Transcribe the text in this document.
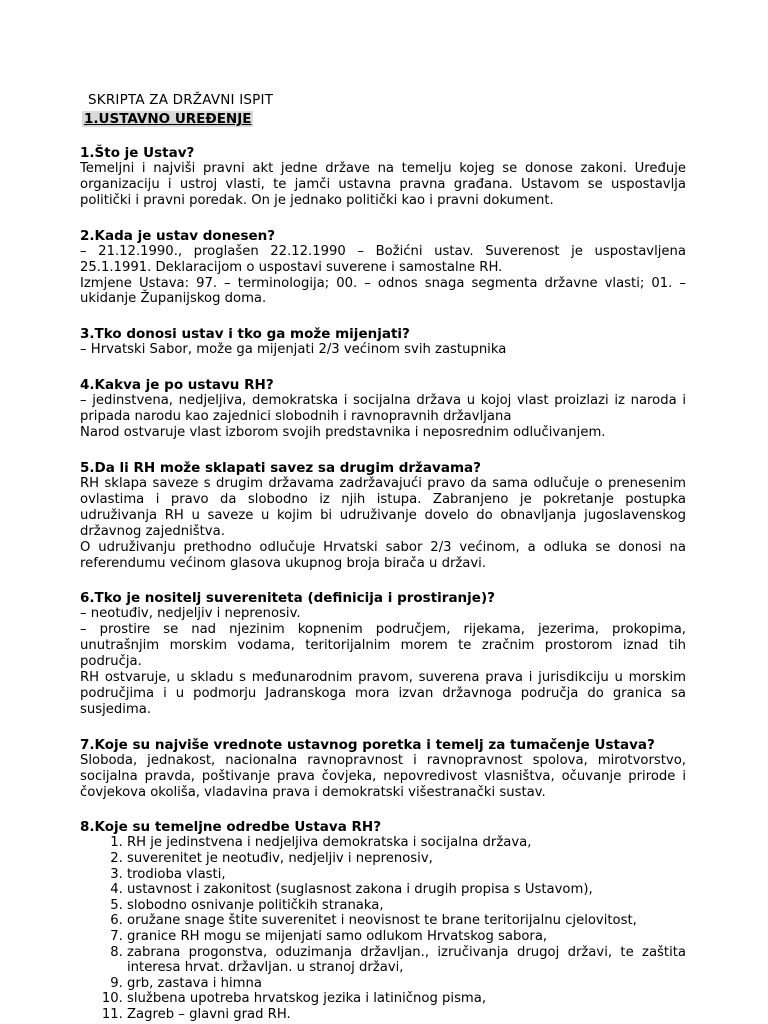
SKRIPTA ZA DRŽAVNI ISPIT
1.USTAVNO UREĐENJE
1.Što je Ustav?
Temeljni i najviši pravni akt jedne države na temelju kojeg se donose zakoni. Uređuje organizaciju i ustroj vlasti, te jamči ustavna pravna građana. Ustavom se uspostavlja politički i pravni poredak. On je jednako politički kao i pravni dokument.
2.Kada je ustav donesen?
– 21.12.1990., proglašen 22.12.1990 – Božićni ustav. Suverenost je uspostavljena 25.1.1991. Deklaracijom o uspostavi suverene i samostalne RH.
Izmjene Ustava: 97. – terminologija; 00. – odnos snaga segmenta državne vlasti; 01. – ukidanje Županijskog doma.
3.Tko donosi ustav i tko ga može mijenjati?
– Hrvatski Sabor, može ga mijenjati 2/3 većinom svih zastupnika
4.Kakva je po ustavu RH?
– jedinstvena, nedjeljiva, demokratska i socijalna država u kojoj vlast proizlazi iz naroda i pripada narodu kao zajednici slobodnih i ravnopravnih državljana
Narod ostvaruje vlast izborom svojih predstavnika i neposrednim odlučivanjem.
5.Da li RH može sklapati savez sa drugim državama?
RH sklapa saveze s drugim državama zadržavajući pravo da sama odlučuje o prenesenim ovlastima i pravo da slobodno iz njih istupa. Zabranjeno je pokretanje postupka udruživanja RH u saveze u kojim bi udruživanje dovelo do obnavljanja jugoslavenskog državnog zajedništva.
O udruživanju prethodno odlučuje Hrvatski sabor 2/3 većinom, a odluka se donosi na referendumu većinom glasova ukupnog broja birača u državi.
6.Tko je nositelj suvereniteta (definicija i prostiranje)?
– neotuđiv, nedjeljiv i neprenosiv.
– prostire se nad njezinim kopnenim područjem, rijekama, jezerima, prokopima, unutrašnjim morskim vodama, teritorijalnim morem te zračnim prostorom iznad tih područja.
RH ostvaruje, u skladu s međunarodnim pravom, suverena prava i jurisdikciju u morskim područjima i u podmorju Jadranskoga mora izvan državnoga područja do granica sa susjedima.
7.Koje su najviše vrednote ustavnog poretka i temelj za tumačenje Ustava?
Sloboda, jednakost, nacionalna ravnopravnost i ravnopravnost spolova, mirotvorstvo, socijalna pravda, poštivanje prava čovjeka, nepovredivost vlasništva, očuvanje prirode i čovjekova okoliša, vladavina prava i demokratski višestranački sustav.
8.Koje su temeljne odredbe Ustava RH?
1. RH je jedinstvena i nedjeljiva demokratska i socijalna država,
2. suverenitet je neotuđiv, nedjeljiv i neprenosiv,
3. trodioba vlasti,
4. ustavnost i zakonitost (suglasnost zakona i drugih propisa s Ustavom),
5. slobodno osnivanje političkih stranaka,
6. oružane snage štite suverenitet i neovisnost te brane teritorijalnu cjelovitost,
7. granice RH mogu se mijenjati samo odlukom Hrvatskog sabora,
8. zabrana progonstva, oduzimanja državljan., izručivanja drugoj državi, te zaštita interesa hrvat. državljan. u stranoj državi,
9. grb, zastava i himna
10. službena upotreba hrvatskog jezika i latiničnog pisma,
11. Zagreb – glavni grad RH.
